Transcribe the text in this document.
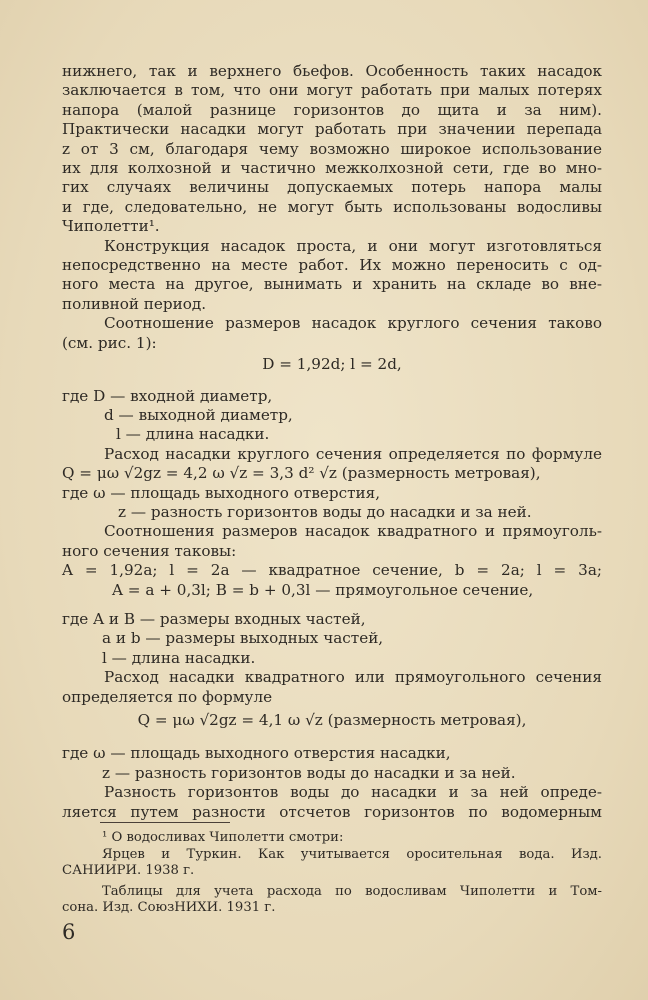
нижнего, так и верхнего бьефов. Особенность таких насадок
заключается в том, что они могут работать при малых потерях
напора (малой разнице горизонтов до щита и за ним).
Практически насадки могут работать при значении перепада
z от 3 см, благодаря чему возможно широкое использование
их для колхозной и частично межколхозной сети, где во мно-
гих случаях величины допускаемых потерь напора малы
и где, следовательно, не могут быть использованы водосливы
Чиполетти¹.
Конструкция насадок проста, и они могут изготовляться
непосредственно на месте работ. Их можно переносить с од-
ного места на другое, вынимать и хранить на складе во вне-
поливной период.
Соотношение размеров насадок круглого сечения таково
(см. рис. 1):
D = 1,92d; l = 2d,
где D — входной диаметр,
d — выходной диаметр,
l — длина насадки.
Расход насадки круглого сечения определяется по формуле
Q = μω √2gz = 4,2 ω √z = 3,3 d² √z (размерность метровая),
где ω — площадь выходного отверстия,
z — разность горизонтов воды до насадки и за ней.
Соотношения размеров насадок квадратного и прямоуголь-
ного сечения таковы:
A = 1,92a; l = 2a — квадратное сечение, b = 2a; l = 3a;
A = a + 0,3l; B = b + 0,3l — прямоугольное сечение,
где A и B — размеры входных частей,
a и b — размеры выходных частей,
l — длина насадки.
Расход насадки квадратного или прямоугольного сечения
определяется по формуле
Q = μω √2gz = 4,1 ω √z (размерность метровая),
где ω — площадь выходного отверстия насадки,
z — разность горизонтов воды до насадки и за ней.
Разность горизонтов воды до насадки и за ней опреде-
ляется путем разности отсчетов горизонтов по водомерным
¹ О водосливах Чиполетти смотри:
Ярцев и Туркин. Как учитывается оросительная вода. Изд.
САНИИРИ. 1938 г.
Таблицы для учета расхода по водосливам Чиполетти и Том-
сона. Изд. СоюзНИХИ. 1931 г.
6
